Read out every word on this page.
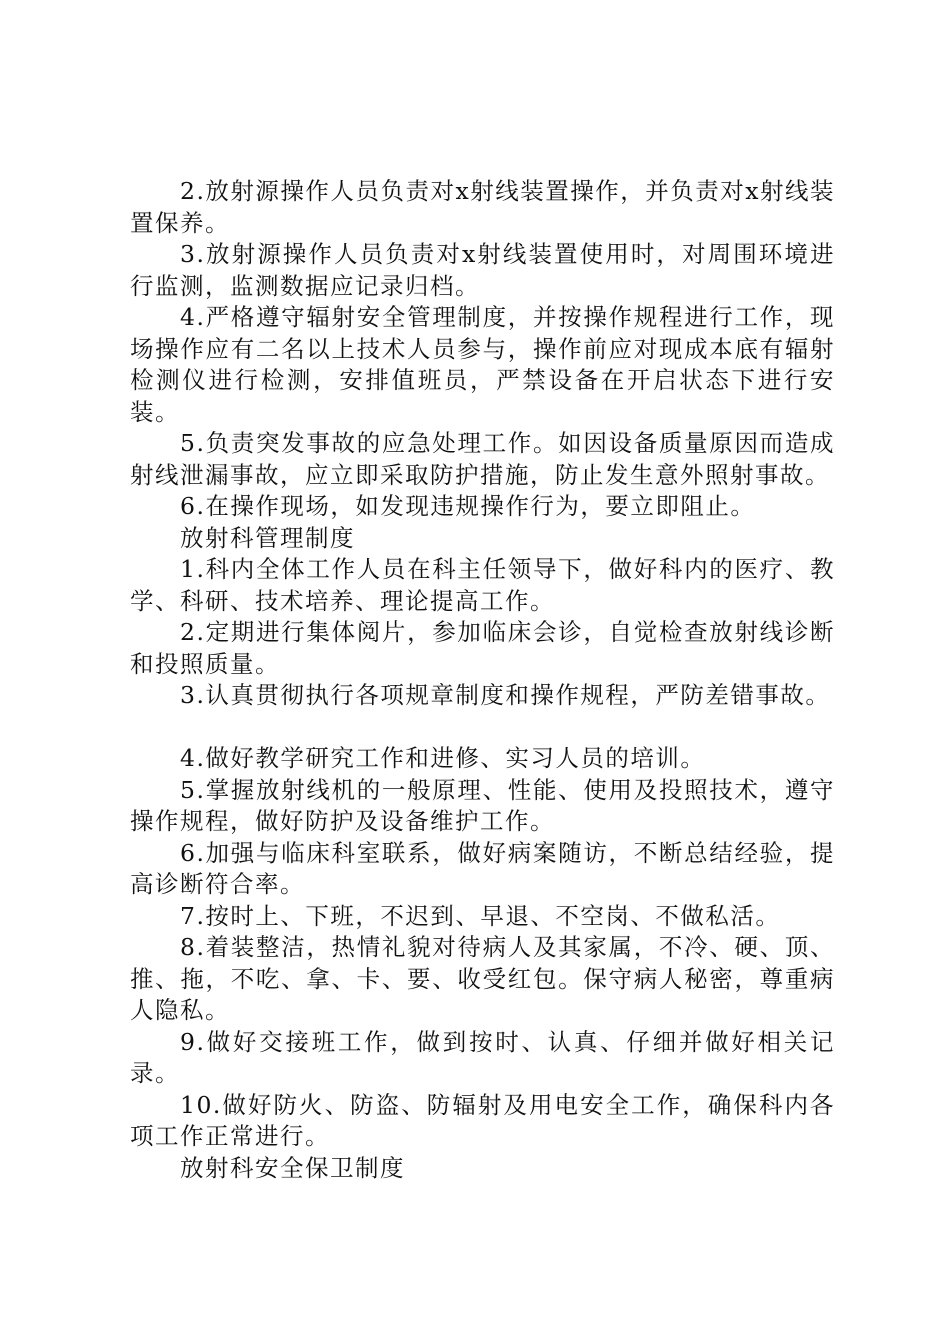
2.放射源操作人员负责对x射线装置操作，并负责对x射线装置保养。

3.放射源操作人员负责对x射线装置使用时，对周围环境进行监测，监测数据应记录归档。

4.严格遵守辐射安全管理制度，并按操作规程进行工作，现场操作应有二名以上技术人员参与，操作前应对现成本底有辐射检测仪进行检测，安排值班员，严禁设备在开启状态下进行安装。

5.负责突发事故的应急处理工作。如因设备质量原因而造成射线泄漏事故，应立即采取防护措施，防止发生意外照射事故。

6.在操作现场，如发现违规操作行为，要立即阻止。

放射科管理制度

1.科内全体工作人员在科主任领导下，做好科内的医疗、教学、科研、技术培养、理论提高工作。

2.定期进行集体阅片，参加临床会诊，自觉检查放射线诊断和投照质量。

3.认真贯彻执行各项规章制度和操作规程，严防差错事故。

4.做好教学研究工作和进修、实习人员的培训。

5.掌握放射线机的一般原理、性能、使用及投照技术，遵守操作规程，做好防护及设备维护工作。

6.加强与临床科室联系，做好病案随访，不断总结经验，提高诊断符合率。

7.按时上、下班，不迟到、早退、不空岗、不做私活。

8.着装整洁，热情礼貌对待病人及其家属，不冷、硬、顶、推、拖，不吃、拿、卡、要、收受红包。保守病人秘密，尊重病人隐私。

9.做好交接班工作，做到按时、认真、仔细并做好相关记录。

10.做好防火、防盗、防辐射及用电安全工作，确保科内各项工作正常进行。

放射科安全保卫制度
